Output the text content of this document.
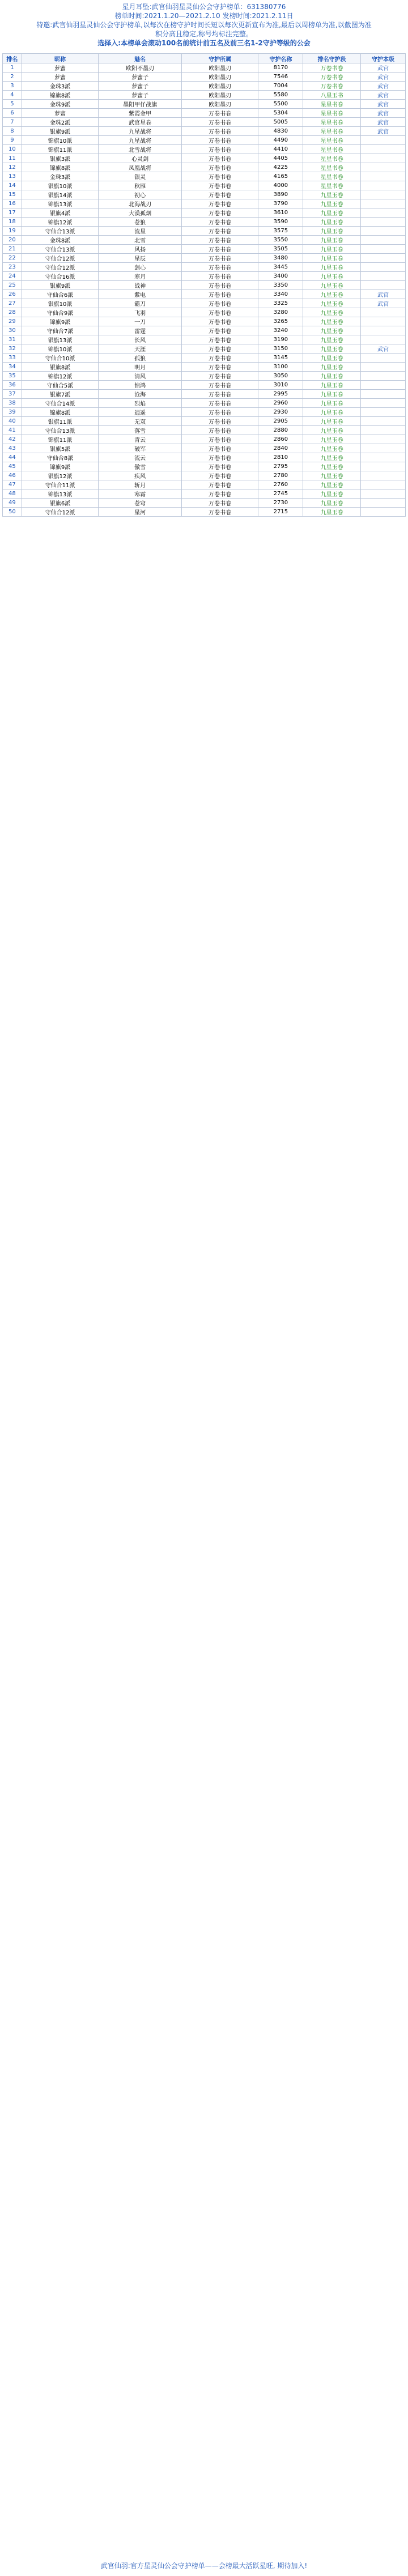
星月耳坠:武官仙羽星灵仙公会守护榜单：631380776
榜单时间:2021.1.20—2021.2.10 发榜时间:2021.2.11日
特邀:武官仙羽星灵仙公会守护榜单,以每次在榜守护时间长短以每次更新宣布为准,最后以周榜单为准,以截图为准
积分高且稳定,称号均标注完整。
选择入:本榜单会滚动100名前统计前五名及前三名1-2守护等级的公会
排名	昵称	魅名	守护所属	守护名称	排名守护段	守护本级
1	萝蜜	欧阳不墨刃	欧阳墨刃	8170	万卷书卷	武官
2	萝蜜	萝蜜子	欧阳墨刃	7546	万卷书卷	武官
3	金珠3派	萝蜜子	欧阳墨刃	7004	万卷书卷	武官
4	锦旗8派	萝蜜子	欧阳墨刃	5580	八星玉书	武官
5	金珠9派	墨阳甲仔战旗	欧阳墨刃	5500	星星书卷	武官
6	萝蜜	紫霞金甲	万卷书卷	5304	星星书卷	武官
7	金珠2派	武官星卷	万卷书卷	5005	星星书卷	武官
8	银旗9派	九星战将	万卷书卷	4830	星星书卷	武官
9	锦旗10派	九星战将	万卷书卷	4490	星星书卷	
10	锦旗11派	北雪战将	万卷书卷	4410	星星书卷	
11	银旗3派	心灵剑	万卷书卷	4405	星星书卷	
12	锦旗8派	凤凰战将	万卷书卷	4225	星星书卷	
13	金珠3派	银灵	万卷书卷	4165	星星书卷	
14	银旗10派	秋雁	万卷书卷	4000	星星书卷	
15	银旗14派	初心	万卷书卷	3890	九星玉卷	
16	锦旗13派	北海战刃	万卷书卷	3790	九星玉卷	
17	银旗4派	大漠孤烟	万卷书卷	3610	九星玉卷	
18	锦旗12派	苍狼	万卷书卷	3590	九星玉卷	
19	守仙合13派	流星	万卷书卷	3575	九星玉卷	
20	金珠8派	北雪	万卷书卷	3550	九星玉卷	
21	守仙合13派	风扬	万卷书卷	3505	九星玉卷	
22	守仙合12派	星辰	万卷书卷	3480	九星玉卷	
23	守仙合12派	剑心	万卷书卷	3445	九星玉卷	
24	守仙合16派	寒月	万卷书卷	3400	九星玉卷	
25	银旗9派	战神	万卷书卷	3350	九星玉卷	
26	守仙合6派	紫电	万卷书卷	3340	九星玉卷	武官
27	银旗10派	霸刀	万卷书卷	3325	九星玉卷	武官
28	守仙合9派	飞羽	万卷书卷	3280	九星玉卷	
29	锦旗9派	一刀	万卷书卷	3265	九星玉卷	
30	守仙合7派	雷霆	万卷书卷	3240	九星玉卷	
31	银旗13派	长风	万卷书卷	3190	九星玉卷	
32	锦旗10派	天涯	万卷书卷	3150	九星玉卷	武官
33	守仙合10派	孤狼	万卷书卷	3145	九星玉卷	
34	银旗8派	明月	万卷书卷	3100	九星玉卷	
35	锦旗12派	清风	万卷书卷	3050	九星玉卷	
36	守仙合5派	惊鸿	万卷书卷	3010	九星玉卷	
37	银旗7派	沧海	万卷书卷	2995	九星玉卷	
38	守仙合14派	烈焰	万卷书卷	2960	九星玉卷	
39	锦旗8派	逍遥	万卷书卷	2930	九星玉卷	
40	银旗11派	无双	万卷书卷	2905	九星玉卷	
41	守仙合13派	落雪	万卷书卷	2880	九星玉卷	
42	锦旗11派	青云	万卷书卷	2860	九星玉卷	
43	银旗5派	破军	万卷书卷	2840	九星玉卷	
44	守仙合8派	流云	万卷书卷	2810	九星玉卷	
45	锦旗9派	傲雪	万卷书卷	2795	九星玉卷	
46	银旗12派	疾风	万卷书卷	2780	九星玉卷	
47	守仙合11派	斩月	万卷书卷	2760	九星玉卷	
48	锦旗13派	寒霜	万卷书卷	2745	九星玉卷	
49	银旗6派	苍穹	万卷书卷	2730	九星玉卷	
50	守仙合12派	星河	万卷书卷	2715	九星玉卷	
武官仙羽:官方星灵仙公会守护榜单——会榜最大活跃星旺, 期待加入!
